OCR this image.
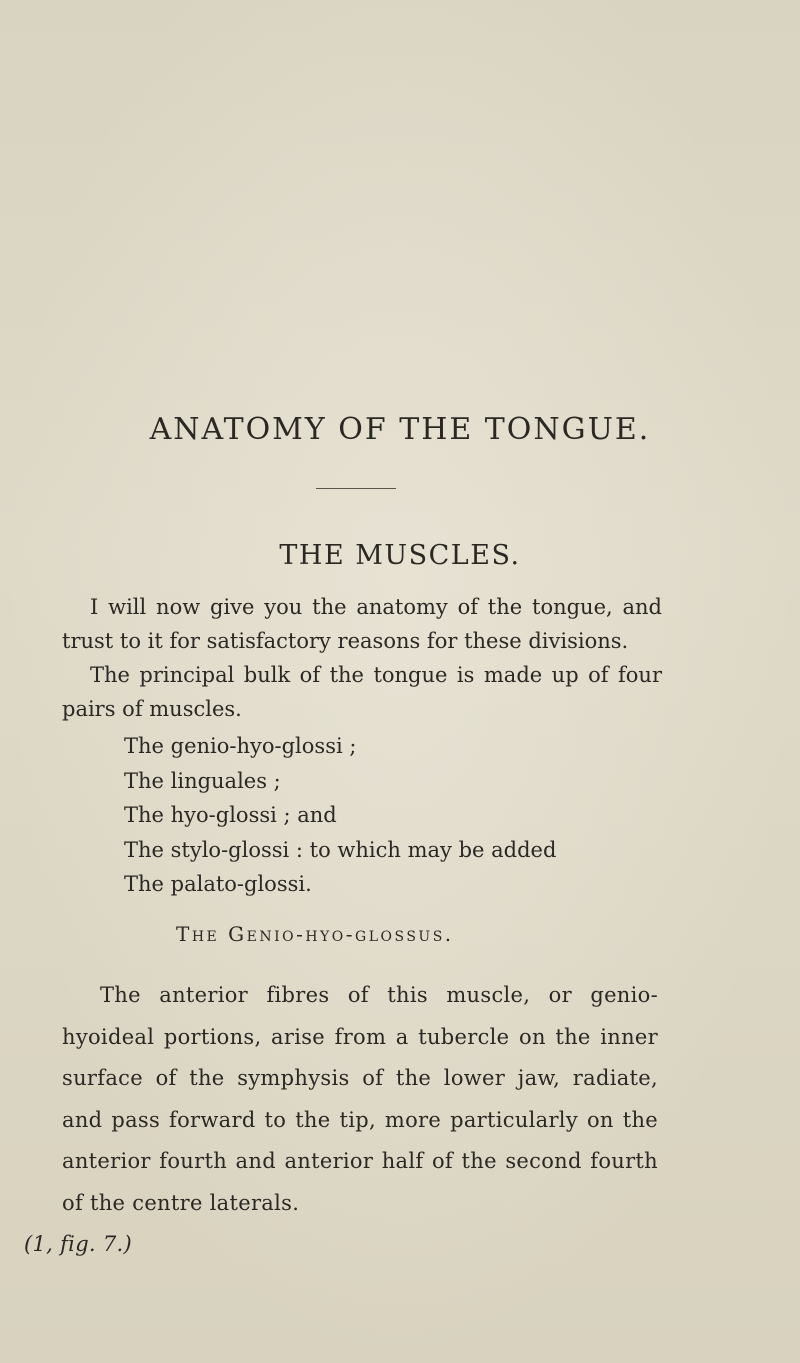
ANATOMY OF THE TONGUE.
THE MUSCLES.

I will now give you the anatomy of the tongue, and trust to it for satisfactory reasons for these divisions.

The principal bulk of the tongue is made up of four pairs of muscles.

The genio-hyo-glossi ;
The linguales ;
The hyo-glossi ; and
The stylo-glossi : to which may be added
The palato-glossi.
The Genio-hyo-glossus.

The anterior fibres of this muscle, or genio-hyoideal portions, arise from a tubercle on the inner surface of the symphysis of the lower jaw, radiate, and pass forward to the tip, more particularly on the anterior fourth and anterior half of the second fourth of the centre laterals.
(1, fig. 7.)
